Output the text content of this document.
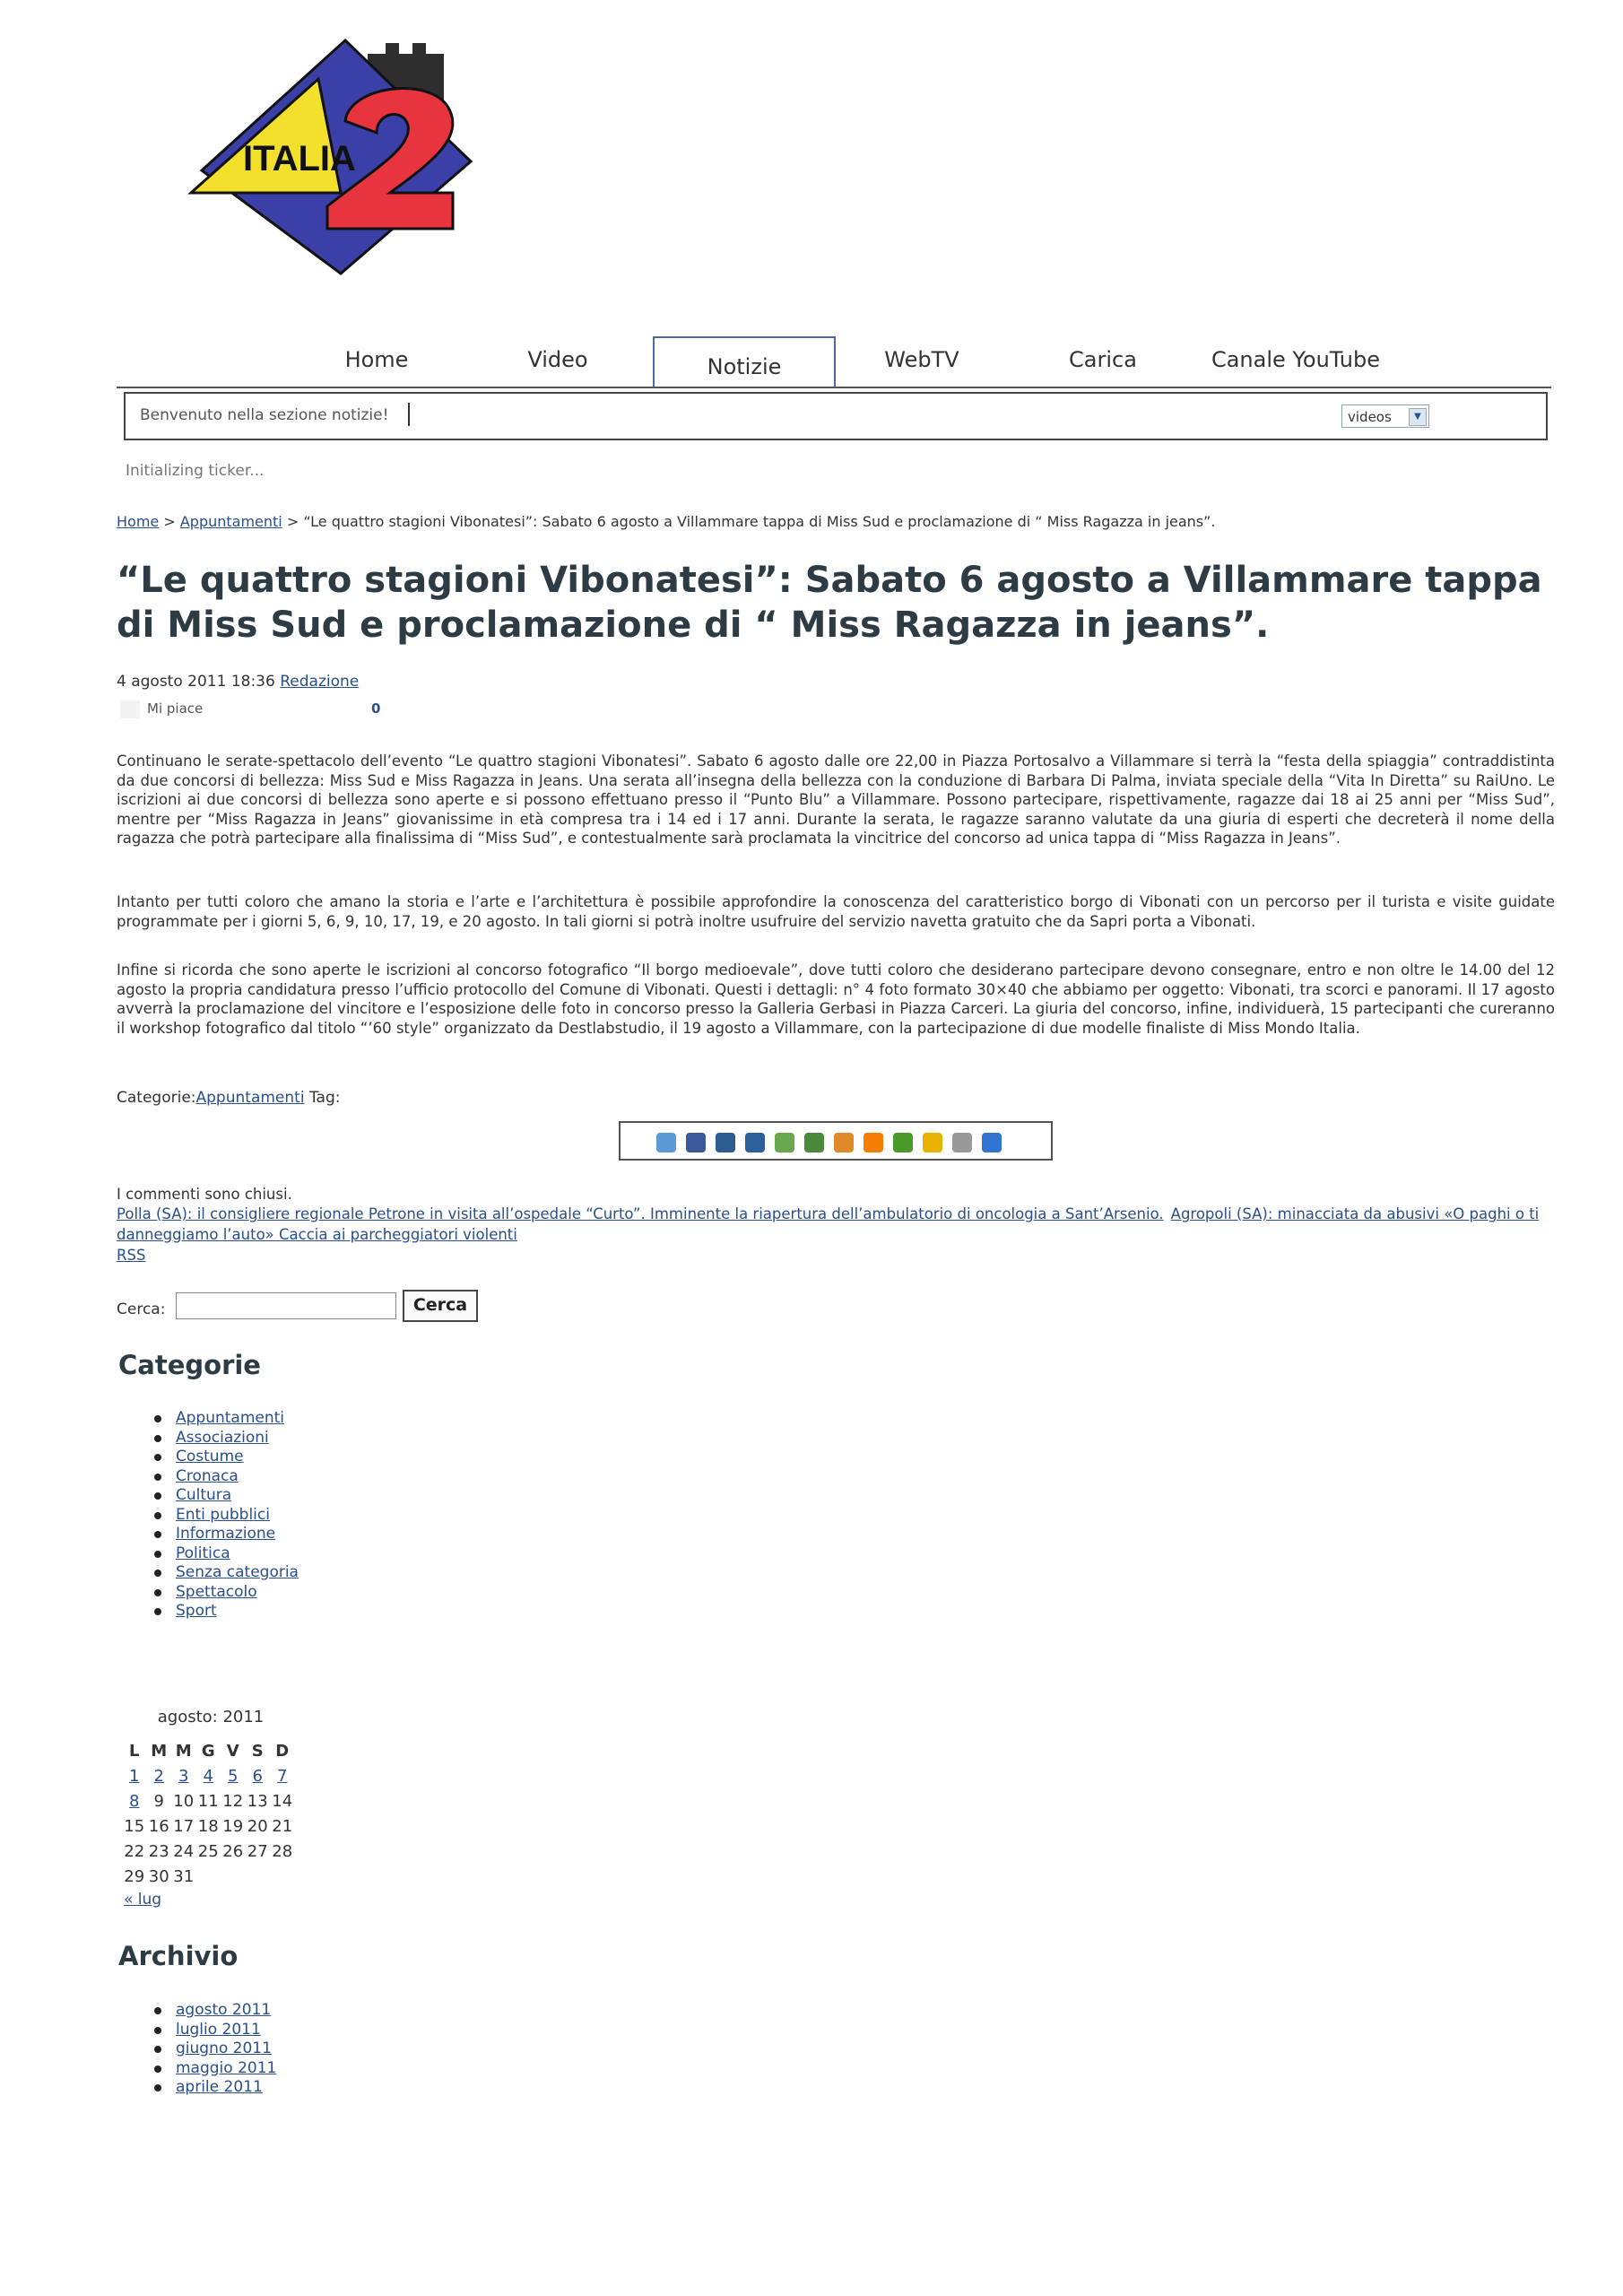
ITALIA
Home	Video	Notizie	WebTV	Carica	Canale YouTube
Benvenuto nella sezione notizie!	videos	▼
Initializing ticker...
Home > Appuntamenti > “Le quattro stagioni Vibonatesi”: Sabato 6 agosto a Villammare tappa di Miss Sud e proclamazione di “ Miss Ragazza in jeans”.
“Le quattro stagioni Vibonatesi”: Sabato 6 agosto a Villammare tappa di Miss Sud e proclamazione di “ Miss Ragazza in jeans”.
4 agosto 2011 18:36 Redazione
Mi piace	0
Continuano le serate-spettacolo dell’evento “Le quattro stagioni Vibonatesi”. Sabato 6 agosto dalle ore 22,00 in Piazza Portosalvo a Villammare si terrà la “festa della spiaggia” contraddistinta da due concorsi di bellezza: Miss Sud e Miss Ragazza in Jeans. Una serata all’insegna della bellezza con la conduzione di Barbara Di Palma, inviata speciale della “Vita In Diretta” su RaiUno. Le iscrizioni ai due concorsi di bellezza sono aperte e si possono effettuano presso il “Punto Blu” a Villammare. Possono partecipare, rispettivamente, ragazze dai 18 ai 25 anni per “Miss Sud”, mentre per “Miss Ragazza in Jeans” giovanissime in età compresa tra i 14 ed i 17 anni. Durante la serata, le ragazze saranno valutate da una giuria di esperti che decreterà il nome della ragazza che potrà partecipare alla finalissima di “Miss Sud”, e contestualmente sarà proclamata la vincitrice del concorso ad unica tappa di “Miss Ragazza in Jeans”.
Intanto per tutti coloro che amano la storia e l’arte e l’architettura è possibile approfondire la conoscenza del caratteristico borgo di Vibonati con un percorso per il turista e visite guidate programmate per i giorni 5, 6, 9, 10, 17, 19, e 20 agosto. In tali giorni si potrà inoltre usufruire del servizio navetta gratuito che da Sapri porta a Vibonati.
Infine si ricorda che sono aperte le iscrizioni al concorso fotografico “Il borgo medioevale”, dove tutti coloro che desiderano partecipare devono consegnare, entro e non oltre le 14.00 del 12 agosto la propria candidatura presso l’ufficio protocollo del Comune di Vibonati. Questi i dettagli: n° 4 foto formato 30×40 che abbiamo per oggetto: Vibonati, tra scorci e panorami. Il 17 agosto avverrà la proclamazione del vincitore e l’esposizione delle foto in concorso presso la Galleria Gerbasi in Piazza Carceri. La giuria del concorso, infine, individuerà, 15 partecipanti che cureranno il workshop fotografico dal titolo “’60 style” organizzato da Destlabstudio, il 19 agosto a Villammare, con la partecipazione di due modelle finaliste di Miss Mondo Italia.
Categorie:Appuntamenti Tag:
I commenti sono chiusi.
Polla (SA): il consigliere regionale Petrone in visita all’ospedale “Curto”. Imminente la riapertura dell’ambulatorio di oncologia a Sant’Arsenio. Agropoli (SA): minacciata da abusivi «O paghi o ti danneggiamo l’auto» Caccia ai parcheggiatori violenti
RSS
Cerca:	Cerca
Categorie
Appuntamenti
Associazioni
Costume
Cronaca
Cultura
Enti pubblici
Informazione
Politica
Senza categoria
Spettacolo
Sport
agosto: 2011
L M M G V S D
1 2 3 4 5 6 7
8 9 10 11 12 13 14
15 16 17 18 19 20 21
22 23 24 25 26 27 28
29 30 31
« lug
Archivio
agosto 2011
luglio 2011
giugno 2011
maggio 2011
aprile 2011
